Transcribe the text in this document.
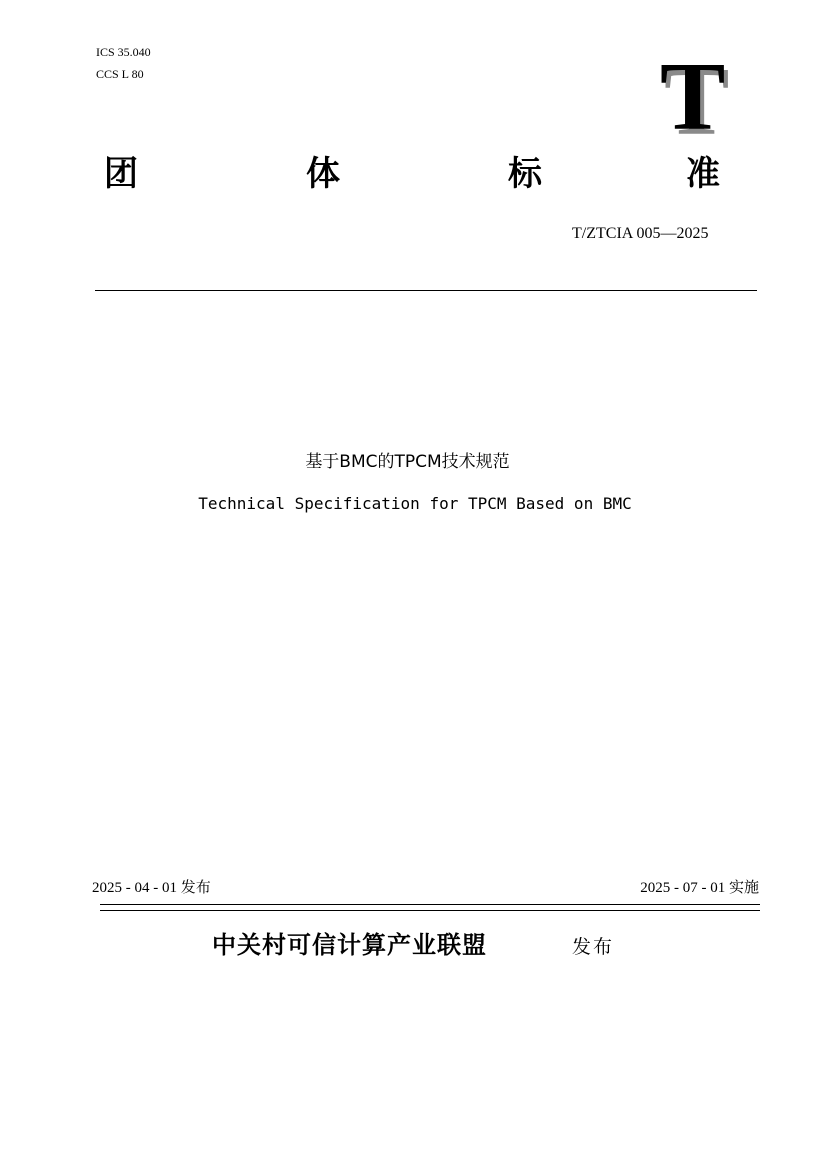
ICS 35.040
CCS L 80	T
团	体	标	准
T/ZTCIA 005—2025
基于BMC的TPCM技术规范
Technical Specification for TPCM Based on BMC
2025 - 04 - 01 发布	2025 - 07 - 01 实施
中关村可信计算产业联盟	发布
